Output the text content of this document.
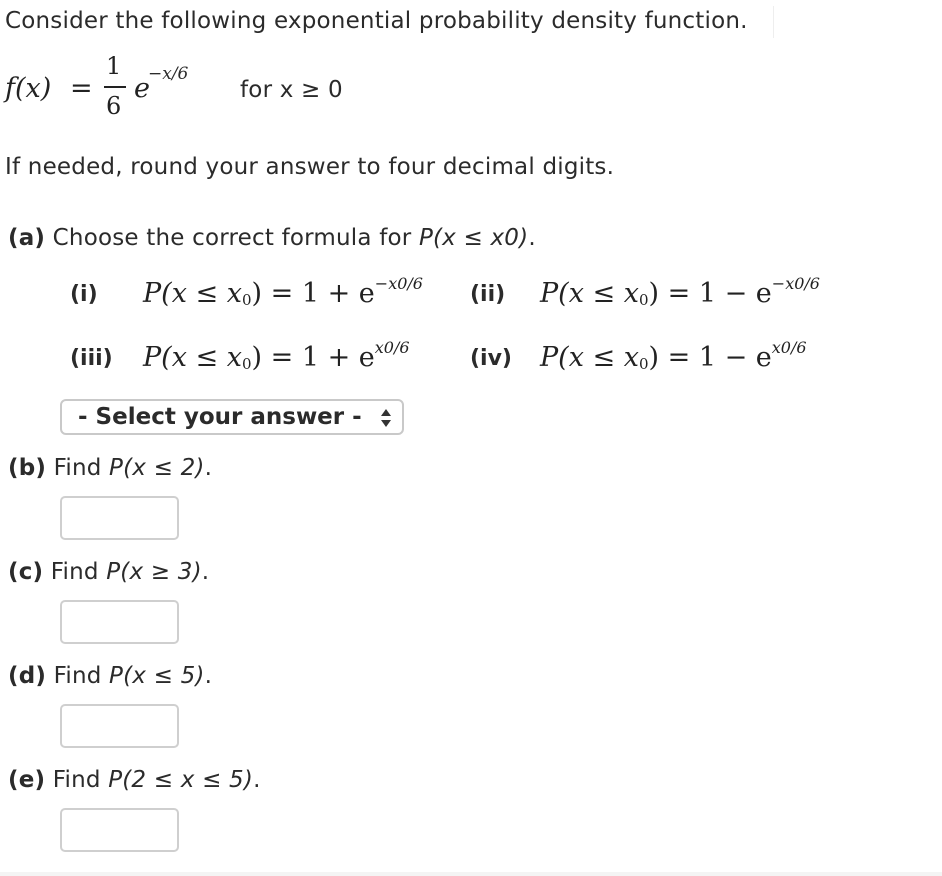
Consider the following exponential probability density function.
f(x) =
1
6
e
−x/6
for x ≥ 0
If needed, round your answer to four decimal digits.
(a) Choose the correct formula for P(x ≤ x0).
(i) $P(x \le x_0) = 1 + e^{-x0/6}$ (ii) $P(x \le x_0) = 1 - e^{-x0/6}$
(iii) $P(x \le x_0) = 1 + e^{x0/6}$	(iv) $P(x \le x_0) = 1 - e^{x0/6}$
- Select your answer -
(b) Find P(x ≤ 2).
(c) Find P(x ≥ 3).
(d) Find P(x ≤ 5).
(e) Find P(2 ≤ x ≤ 5).
